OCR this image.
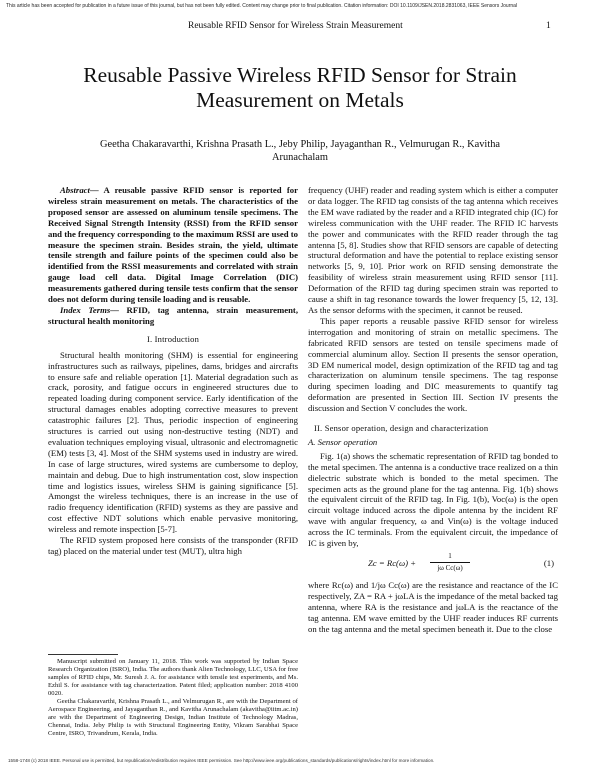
This article has been accepted for publication in a future issue of this journal, but has not been fully edited. Content may change prior to final publication. Citation information: DOI 10.1109/JSEN.2018.2831063, IEEE Sensors Journal
Reusable RFID Sensor for Wireless Strain Measurement	1
Reusable Passive Wireless RFID Sensor for Strain Measurement on Metals
Geetha Chakaravarthi, Krishna Prasath L., Jeby Philip, Jayaganthan R., Velmurugan R., Kavitha Arunachalam

Abstract— A reusable passive RFID sensor is reported for wireless strain measurement on metals. The characteristics of the proposed sensor are assessed on aluminum tensile specimens. The Received Signal Strength Intensity (RSSI) from the RFID sensor and the frequency corresponding to the maximum RSSI are used to measure the specimen strain. Besides strain, the yield, ultimate tensile strength and failure points of the specimen could also be identified from the RSSI measurements and correlated with strain gauge load cell data. Digital Image Correlation (DIC) measurements gathered during tensile tests confirm that the sensor does not deform during tensile loading and is reusable.

Index Terms— RFID, tag antenna, strain measurement, structural health monitoring

I. Introduction

Structural health monitoring (SHM) is essential for engineering infrastructures such as railways, pipelines, dams, bridges and aircrafts to ensure safe and reliable operation [1]. Material degradation such as crack, porosity, and fatigue occurs in engineered structures due to repeated loading during component service. Early identification of the structural damages enables adopting corrective measures to prevent catastrophic failures [2]. Thus, periodic inspection of engineering structures is carried out using non-destructive testing (NDT) and evaluation techniques employing visual, ultrasonic and electromagnetic (EM) tests [3, 4]. Most of the SHM systems used in industry are wired. In case of large structures, wired systems are cumbersome to deploy, maintain and debug. Due to high instrumentation cost, slow inspection time and logistics issues, wireless SHM is gaining significance [5]. Amongst the wireless techniques, there is an increase in the use of radio frequency identification (RFID) systems as they are passive and cost effective NDT solutions which enable pervasive monitoring, wireless and remote inspection [5-7].

The RFID system proposed here consists of the transponder (RFID tag) placed on the material under test (MUT), ultra high

frequency (UHF) reader and reading system which is either a computer or data logger. The RFID tag consists of the tag antenna which receives the EM wave radiated by the reader and a RFID integrated chip (IC) for wireless communication with the UHF reader. The RFID IC harvests the power and communicates with the RFID reader through the tag antenna [5, 8]. Studies show that RFID sensors are capable of detecting structural deformation and have the potential to replace existing sensor networks [5, 9, 10]. Prior work on RFID sensing demonstrate the feasibility of wireless strain measurement using RFID sensor [11]. Deformation of the RFID tag during specimen strain was reported to cause a shift in tag resonance towards the lower frequency [5, 12, 13]. As the sensor deforms with the specimen, it cannot be reused.

This paper reports a reusable passive RFID sensor for wireless interrogation and monitoring of strain on metallic specimens. The fabricated RFID sensors are tested on tensile specimens made of commercial aluminum alloy. Section II presents the sensor operation, 3D EM numerical model, design optimization of the RFID tag and tag characterization on aluminum tensile specimens. The tag response during specimen loading and DIC measurements to quantify tag deformation are presented in Section III. Section IV presents the discussion and Section V concludes the work.

II. Sensor operation, design and characterization
A. Sensor operation

Fig. 1(a) shows the schematic representation of RFID tag bonded to the metal specimen. The antenna is a conductive trace realized on a thin dielectric substrate which is bonded to the metal specimen. The specimen acts as the ground plane for the tag antenna. Fig. 1(b) shows the equivalent circuit of the RFID tag. In Fig. 1(b), Voc(ω) is the open circuit voltage induced across the dipole antenna by the incident RF wave with angular frequency, ω and Vin(ω) is the voltage induced across the IC terminals. From the equivalent circuit, the impedance of IC is given by,

$Zc = Rc(\omega) + \frac{1}{\text{jω Cc(ω)}}$	(1)

where Rc(ω) and 1/jω Cc(ω) are the resistance and reactance of the IC respectively, ZA = RA + jωLA is the impedance of the metal backed tag antenna, where RA is the resistance and jωLA is the reactance of the tag antenna. EM wave emitted by the UHF reader induces RF currents on the tag antenna and the metal specimen beneath it. Due to the close

Manuscript submitted on January 11, 2018. This work was supported by Indian Space Research Organization (ISRO), India. The authors thank Alien Technology, LLC, USA for free samples of RFID chips, Mr. Suresh J. A. for assistance with tensile test experiments, and Ms. Ezhil S. for assistance with tag characterization. Patent filed; application number: 2018 4100 0020.

Geetha Chakaravarthi, Krishna Prasath L., and Velmurugan R., are with the Department of Aerospace Engineering, and Jayaganthan R., and Kavitha Arunachalam (akavitha@iitm.ac.in) are with the Department of Engineering Design, Indian Institute of Technology Madras, Chennai, India. Jeby Philip is with Structural Engineering Entity, Vikram Sarabhai Space Centre, ISRO, Trivandrum, Kerala, India.

1558-1748 (c) 2018 IEEE. Personal use is permitted, but republication/redistribution requires IEEE permission. See http://www.ieee.org/publications_standards/publications/rights/index.html for more information.
